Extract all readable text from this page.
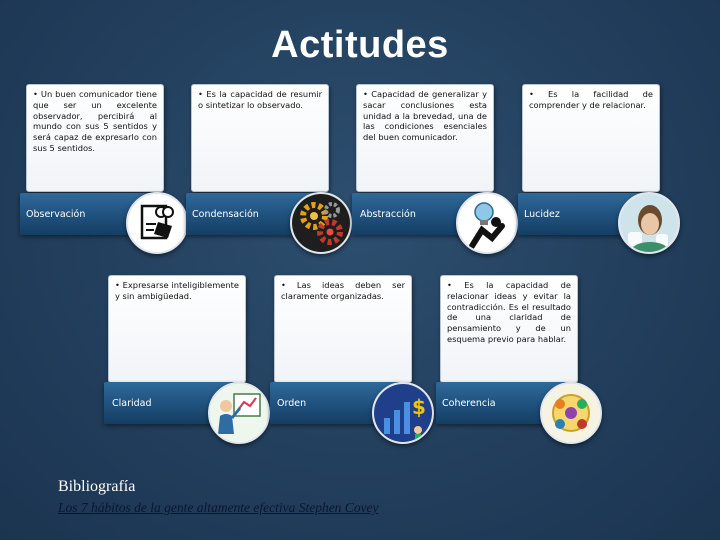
Actitudes
• Un buen comunicador tiene que ser un excelente observador, percibirá al mundo con sus 5 sentidos y será capaz de expresarlo con sus 5 sentidos.
Observación
• Es la capacidad de resumir o sintetizar lo observado.
Condensación
• Capacidad de generalizar y sacar conclusiones esta unidad a la brevedad, una de las condiciones esenciales del buen comunicador.
Abstracción
• Es la facilidad de comprender y de relacionar.
Lucidez
• Expresarse inteligiblemente y sin ambigüedad.
Claridad
• Las ideas deben ser claramente organizadas.
Orden	$
• Es la capacidad de relacionar ideas y evitar la contradicción. Es el resultado de una claridad de pensamiento y de un esquema previo para hablar.
Coherencia
Bibliografía
Los 7 hábitos de la gente altamente efectiva Stephen Covey
